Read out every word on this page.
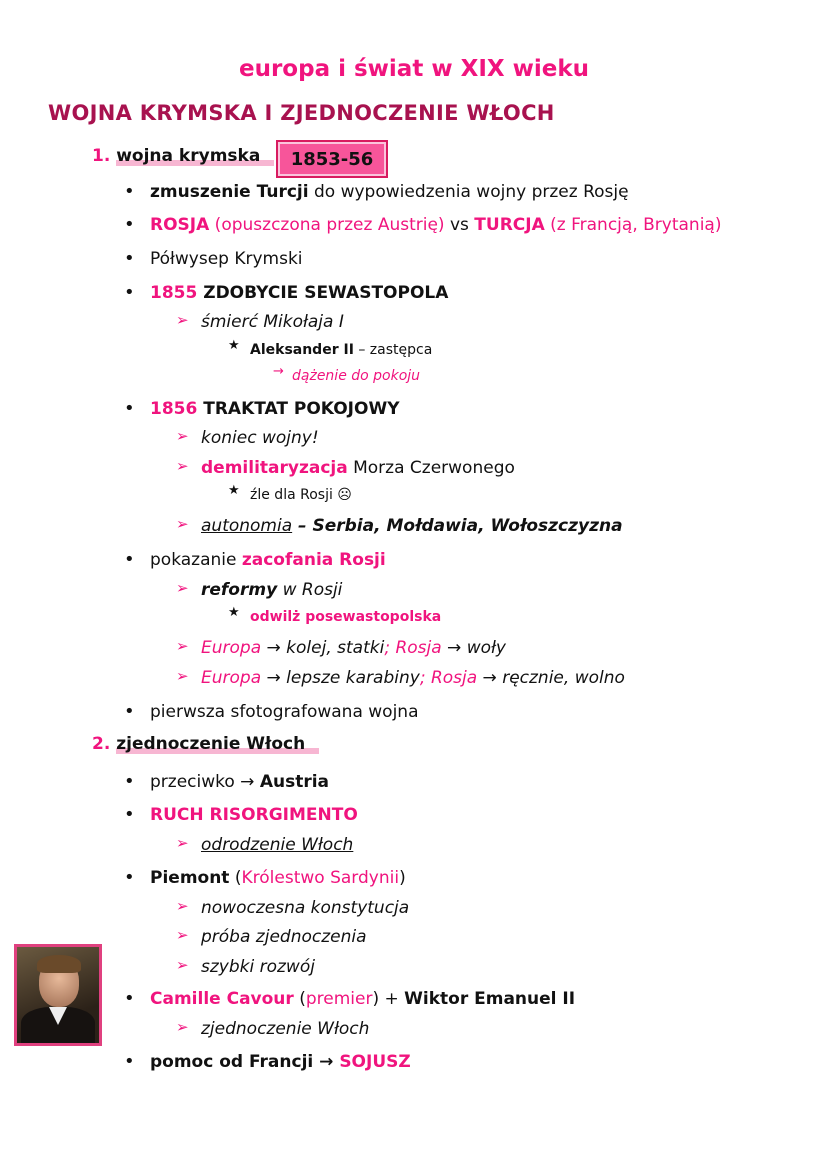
europa i świat w XIX wieku
WOJNA KRYMSKA I ZJEDNOCZENIE WŁOCH
1. wojna krymska	1853-56
2. zjednoczenie Włoch
• zmuszenie Turcji do wypowiedzenia wojny przez Rosję
• ROSJA (opuszczona przez Austrię) vs TURCJA (z Francją, Brytanią)
• Półwysep Krymski
• 1855 ZDOBYCIE SEWASTOPOLA
➢ śmierć Mikołaja I
★ Aleksander II – zastępca
→ dążenie do pokoju
• 1856 TRAKTAT POKOJOWY
➢ koniec wojny!
➢ demilitaryzacja Morza Czerwonego
★ źle dla Rosji ☹
➢ autonomia – Serbia, Mołdawia, Wołoszczyzna
• pokazanie zacofania Rosji
➢ reformy w Rosji
★ odwilż posewastopolska
➢ Europa → kolej, statki; Rosja → woły
➢ Europa → lepsze karabiny; Rosja → ręcznie, wolno
• pierwsza sfotografowana wojna
• przeciwko → Austria
• RUCH RISORGIMENTO
➢ odrodzenie Włoch
• Piemont (Królestwo Sardynii)
➢ nowoczesna konstytucja
➢ próba zjednoczenia
➢ szybki rozwój
• Camille Cavour (premier) + Wiktor Emanuel II
➢ zjednoczenie Włoch
• pomoc od Francji → SOJUSZ
